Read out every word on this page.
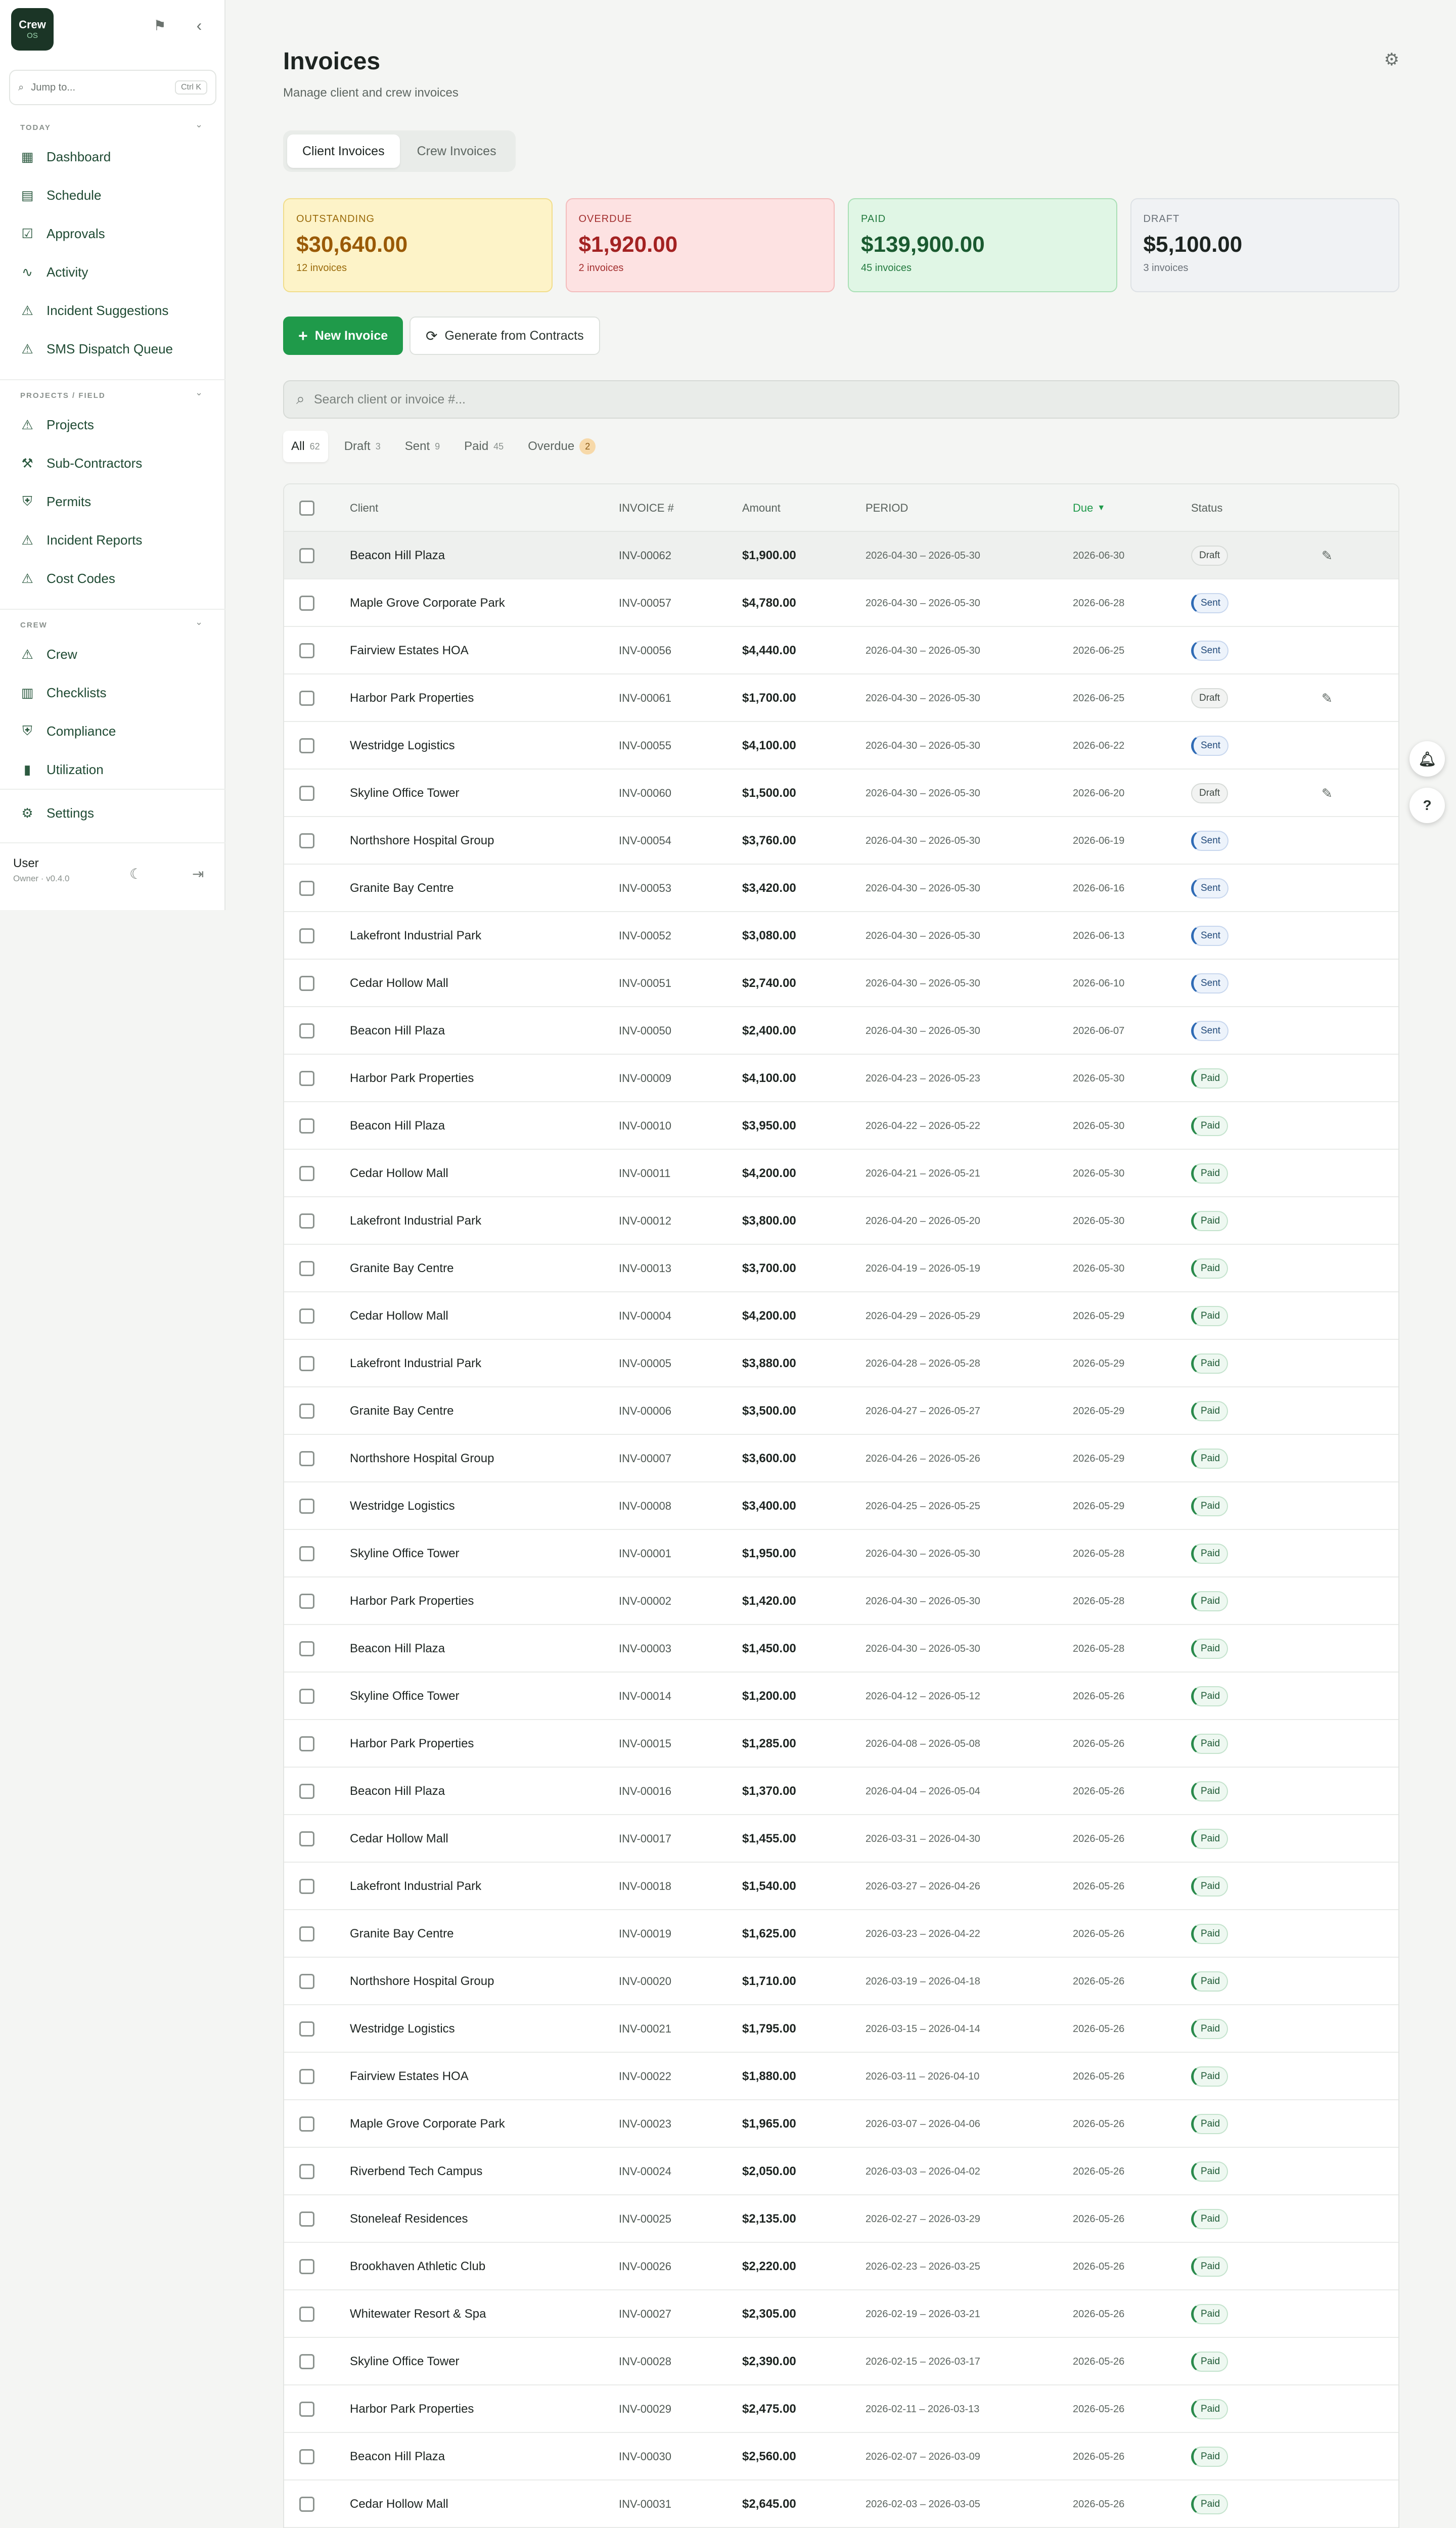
Crew
OS
⚑	‹
⌕ Jump to...	Ctrl K
TODAY	⌄
▦ Dashboard
▤ Schedule
☑ Approvals
∿ Activity
⚠ Incident Suggestions
⚠ SMS Dispatch Queue
PROJECTS / FIELD	⌄
⚠ Projects
⚒ Sub-Contractors
⛨ Permits
⚠ Incident Reports
⚠ Cost Codes
CREW	⌄
⚠ Crew
▥ Checklists
⛨ Compliance
▮	Utilization
⚙ Settings
User
Owner · v0.4.0	☾	⇥
Invoices
Manage client and crew invoices
⚙
Client Invoices	Crew Invoices
OUTSTANDING
$30,640.00
12 invoices
OVERDUE
$1,920.00
2 invoices
PAID
$139,900.00
45 invoices
DRAFT
$5,100.00
3 invoices
+ New Invoice	⟳ Generate from Contracts
⌕ Search client or invoice #...
All 62 Draft 3 Sent 9 Paid 45 Overdue	2
Client	INVOICE #	Amount	PERIOD	Due ▼	Status
Beacon Hill Plaza	INV-00062	$1,900.00	2026-04-30 – 2026-05-30	2026-06-30	Draft	✎
Maple Grove Corporate Park	INV-00057	$4,780.00	2026-04-30 – 2026-05-30	2026-06-28	Sent
Fairview Estates HOA	INV-00056	$4,440.00	2026-04-30 – 2026-05-30	2026-06-25	Sent
Harbor Park Properties	INV-00061	$1,700.00	2026-04-30 – 2026-05-30	2026-06-25	Draft	✎
Westridge Logistics	INV-00055	$4,100.00	2026-04-30 – 2026-05-30	2026-06-22	Sent
Skyline Office Tower	INV-00060	$1,500.00	2026-04-30 – 2026-05-30	2026-06-20	Draft	✎
Northshore Hospital Group	INV-00054	$3,760.00	2026-04-30 – 2026-05-30	2026-06-19	Sent
Granite Bay Centre	INV-00053	$3,420.00	2026-04-30 – 2026-05-30	2026-06-16	Sent
Lakefront Industrial Park	INV-00052	$3,080.00	2026-04-30 – 2026-05-30	2026-06-13	Sent
Cedar Hollow Mall	INV-00051	$2,740.00	2026-04-30 – 2026-05-30	2026-06-10	Sent
Beacon Hill Plaza	INV-00050	$2,400.00	2026-04-30 – 2026-05-30	2026-06-07	Sent
Harbor Park Properties	INV-00009	$4,100.00	2026-04-23 – 2026-05-23	2026-05-30	Paid
Beacon Hill Plaza	INV-00010	$3,950.00	2026-04-22 – 2026-05-22	2026-05-30	Paid
Cedar Hollow Mall	INV-00011	$4,200.00	2026-04-21 – 2026-05-21	2026-05-30	Paid
Lakefront Industrial Park	INV-00012	$3,800.00	2026-04-20 – 2026-05-20	2026-05-30	Paid
Granite Bay Centre	INV-00013	$3,700.00	2026-04-19 – 2026-05-19	2026-05-30	Paid
Cedar Hollow Mall	INV-00004	$4,200.00	2026-04-29 – 2026-05-29	2026-05-29	Paid
Lakefront Industrial Park	INV-00005	$3,880.00	2026-04-28 – 2026-05-28	2026-05-29	Paid
Granite Bay Centre	INV-00006	$3,500.00	2026-04-27 – 2026-05-27	2026-05-29	Paid
Northshore Hospital Group	INV-00007	$3,600.00	2026-04-26 – 2026-05-26	2026-05-29	Paid
Westridge Logistics	INV-00008	$3,400.00	2026-04-25 – 2026-05-25	2026-05-29	Paid
Skyline Office Tower	INV-00001	$1,950.00	2026-04-30 – 2026-05-30	2026-05-28	Paid
Harbor Park Properties	INV-00002	$1,420.00	2026-04-30 – 2026-05-30	2026-05-28	Paid
Beacon Hill Plaza	INV-00003	$1,450.00	2026-04-30 – 2026-05-30	2026-05-28	Paid
Skyline Office Tower	INV-00014	$1,200.00	2026-04-12 – 2026-05-12	2026-05-26	Paid
Harbor Park Properties	INV-00015	$1,285.00	2026-04-08 – 2026-05-08	2026-05-26	Paid
Beacon Hill Plaza	INV-00016	$1,370.00	2026-04-04 – 2026-05-04	2026-05-26	Paid
Cedar Hollow Mall	INV-00017	$1,455.00	2026-03-31 – 2026-04-30	2026-05-26	Paid
Lakefront Industrial Park	INV-00018	$1,540.00	2026-03-27 – 2026-04-26	2026-05-26	Paid
Granite Bay Centre	INV-00019	$1,625.00	2026-03-23 – 2026-04-22	2026-05-26	Paid
Northshore Hospital Group	INV-00020	$1,710.00	2026-03-19 – 2026-04-18	2026-05-26	Paid
Westridge Logistics	INV-00021	$1,795.00	2026-03-15 – 2026-04-14	2026-05-26	Paid
Fairview Estates HOA	INV-00022	$1,880.00	2026-03-11 – 2026-04-10	2026-05-26	Paid
Maple Grove Corporate Park	INV-00023	$1,965.00	2026-03-07 – 2026-04-06	2026-05-26	Paid
Riverbend Tech Campus	INV-00024	$2,050.00	2026-03-03 – 2026-04-02	2026-05-26	Paid
Stoneleaf Residences	INV-00025	$2,135.00	2026-02-27 – 2026-03-29	2026-05-26	Paid
Brookhaven Athletic Club	INV-00026	$2,220.00	2026-02-23 – 2026-03-25	2026-05-26	Paid
Whitewater Resort & Spa	INV-00027	$2,305.00	2026-02-19 – 2026-03-21	2026-05-26	Paid
Skyline Office Tower	INV-00028	$2,390.00	2026-02-15 – 2026-03-17	2026-05-26	Paid
Harbor Park Properties	INV-00029	$2,475.00	2026-02-11 – 2026-03-13	2026-05-26	Paid
Beacon Hill Plaza	INV-00030	$2,560.00	2026-02-07 – 2026-03-09	2026-05-26	Paid
Cedar Hollow Mall	INV-00031	$2,645.00	2026-02-03 – 2026-03-05	2026-05-26	Paid
🔔︎
?
